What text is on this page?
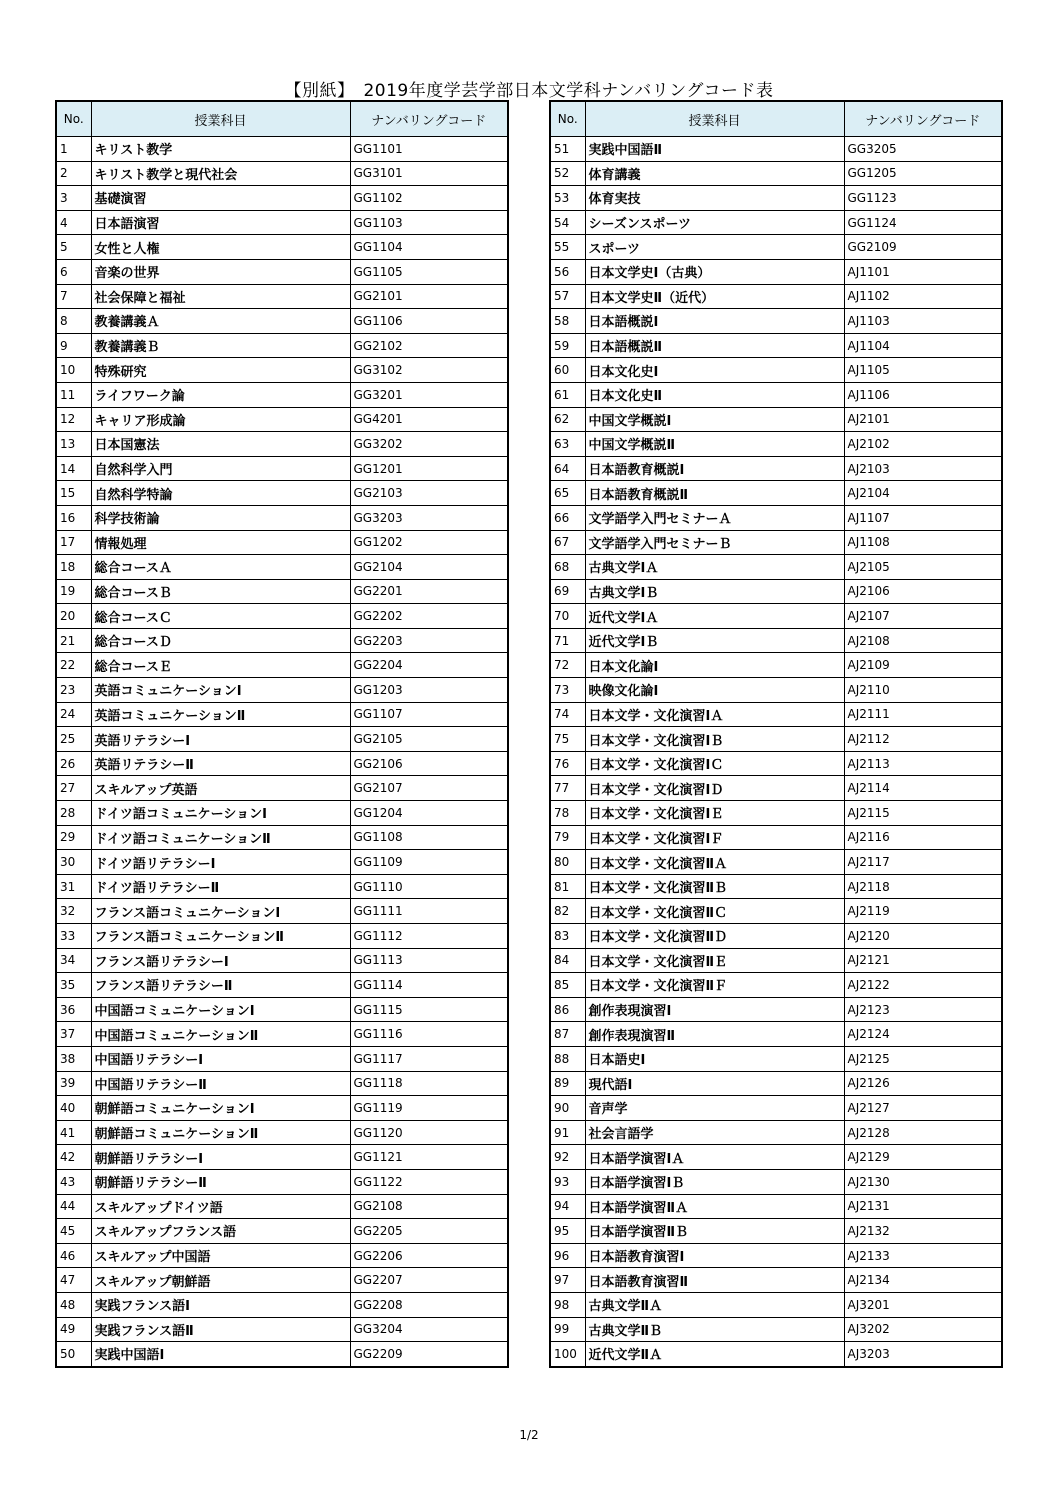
【別紙】　2019年度学芸学部日本文学科ナンバリングコード表
No.	授業科目	ナンバリングコード
1	キリスト教学	GG1101
2	キリスト教学と現代社会	GG3101
3	基礎演習	GG1102
4	日本語演習	GG1103
5	女性と人権	GG1104
6	音楽の世界	GG1105
7	社会保障と福祉	GG2101
8	教養講義Ａ	GG1106
9	教養講義Ｂ	GG2102
10	特殊研究	GG3102
11	ライフワーク論	GG3201
12	キャリア形成論	GG4201
13	日本国憲法	GG3202
14	自然科学入門	GG1201
15	自然科学特論	GG2103
16	科学技術論	GG3203
17	情報処理	GG1202
18	総合コースＡ	GG2104
19	総合コースＢ	GG2201
20	総合コースＣ	GG2202
21	総合コースＤ	GG2203
22	総合コースＥ	GG2204
23	英語コミュニケーションⅠ	GG1203
24	英語コミュニケーションⅡ	GG1107
25	英語リテラシーⅠ	GG2105
26	英語リテラシーⅡ	GG2106
27	スキルアップ英語	GG2107
28	ドイツ語コミュニケーションⅠ	GG1204
29	ドイツ語コミュニケーションⅡ	GG1108
30	ドイツ語リテラシーⅠ	GG1109
31	ドイツ語リテラシーⅡ	GG1110
32	フランス語コミュニケーションⅠ	GG1111
33	フランス語コミュニケーションⅡ	GG1112
34	フランス語リテラシーⅠ	GG1113
35	フランス語リテラシーⅡ	GG1114
36	中国語コミュニケーションⅠ	GG1115
37	中国語コミュニケーションⅡ	GG1116
38	中国語リテラシーⅠ	GG1117
39	中国語リテラシーⅡ	GG1118
40	朝鮮語コミュニケーションⅠ	GG1119
41	朝鮮語コミュニケーションⅡ	GG1120
42	朝鮮語リテラシーⅠ	GG1121
43	朝鮮語リテラシーⅡ	GG1122
44	スキルアップドイツ語	GG2108
45	スキルアップフランス語	GG2205
46	スキルアップ中国語	GG2206
47	スキルアップ朝鮮語	GG2207
48	実践フランス語Ⅰ	GG2208
49	実践フランス語Ⅱ	GG3204
50	実践中国語Ⅰ	GG2209
No.	授業科目	ナンバリングコード
51	実践中国語Ⅱ	GG3205
52	体育講義	GG1205
53	体育実技	GG1123
54	シーズンスポーツ	GG1124
55	スポーツ	GG2109
56	日本文学史Ⅰ（古典）	AJ1101
57	日本文学史Ⅱ（近代）	AJ1102
58	日本語概説Ⅰ	AJ1103
59	日本語概説Ⅱ	AJ1104
60	日本文化史Ⅰ	AJ1105
61	日本文化史Ⅱ	AJ1106
62	中国文学概説Ⅰ	AJ2101
63	中国文学概説Ⅱ	AJ2102
64	日本語教育概説Ⅰ	AJ2103
65	日本語教育概説Ⅱ	AJ2104
66	文学語学入門セミナーＡ	AJ1107
67	文学語学入門セミナーＢ	AJ1108
68	古典文学ⅠＡ	AJ2105
69	古典文学ⅠＢ	AJ2106
70	近代文学ⅠＡ	AJ2107
71	近代文学ⅠＢ	AJ2108
72	日本文化論Ⅰ	AJ2109
73	映像文化論Ⅰ	AJ2110
74	日本文学・文化演習ⅠＡ	AJ2111
75	日本文学・文化演習ⅠＢ	AJ2112
76	日本文学・文化演習ⅠＣ	AJ2113
77	日本文学・文化演習ⅠＤ	AJ2114
78	日本文学・文化演習ⅠＥ	AJ2115
79	日本文学・文化演習ⅠＦ	AJ2116
80	日本文学・文化演習ⅡＡ	AJ2117
81	日本文学・文化演習ⅡＢ	AJ2118
82	日本文学・文化演習ⅡＣ	AJ2119
83	日本文学・文化演習ⅡＤ	AJ2120
84	日本文学・文化演習ⅡＥ	AJ2121
85	日本文学・文化演習ⅡＦ	AJ2122
86	創作表現演習Ⅰ	AJ2123
87	創作表現演習Ⅱ	AJ2124
88	日本語史Ⅰ	AJ2125
89	現代語Ⅰ	AJ2126
90	音声学	AJ2127
91	社会言語学	AJ2128
92	日本語学演習ⅠＡ	AJ2129
93	日本語学演習ⅠＢ	AJ2130
94	日本語学演習ⅡＡ	AJ2131
95	日本語学演習ⅡＢ	AJ2132
96	日本語教育演習Ⅰ	AJ2133
97	日本語教育演習Ⅱ	AJ2134
98	古典文学ⅡＡ	AJ3201
99	古典文学ⅡＢ	AJ3202
100	近代文学ⅡＡ	AJ3203
1/2
